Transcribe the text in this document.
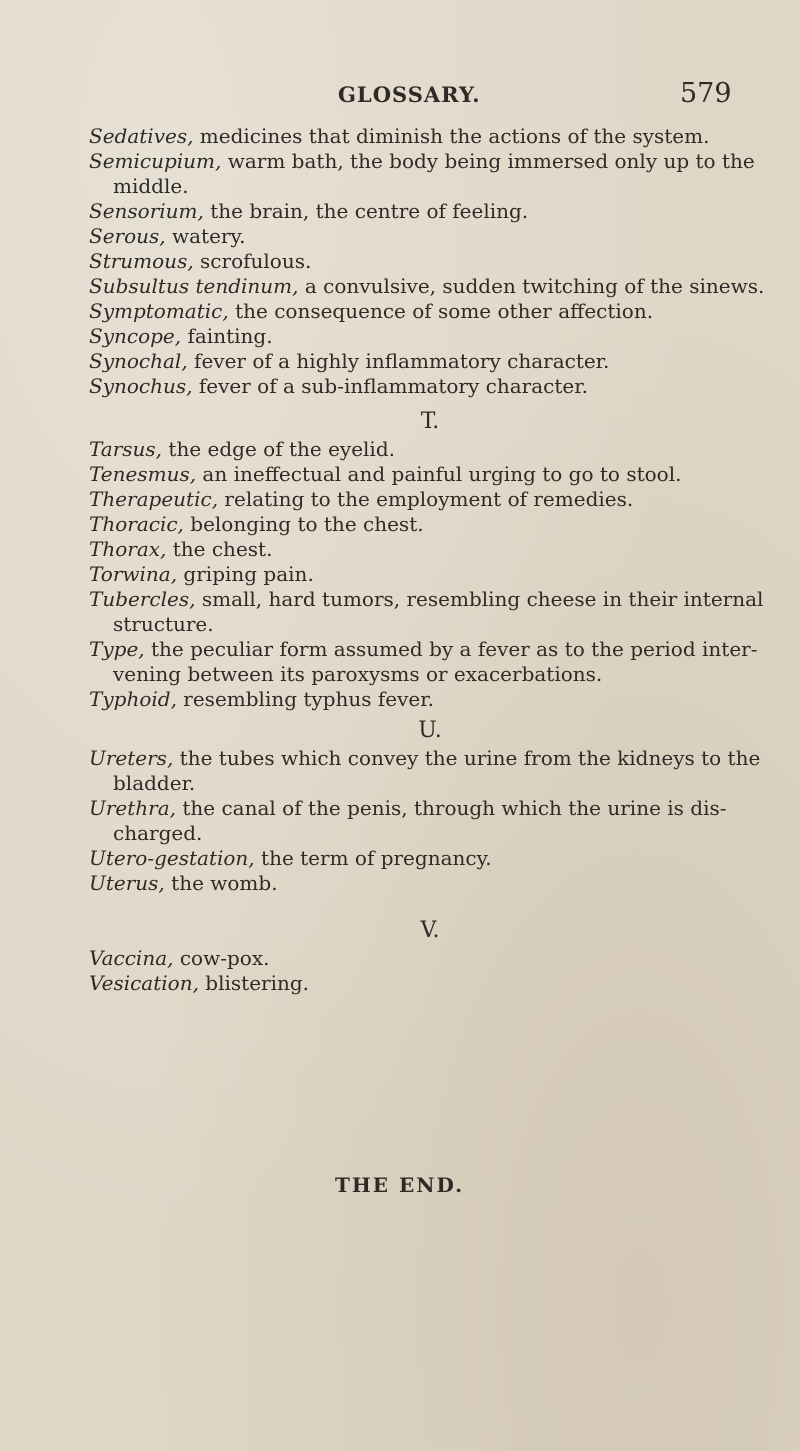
GLOSSARY.	579

Sedatives, medicines that diminish the actions of the system.

Semicupium, warm bath, the body being immersed only up to the middle.

Sensorium, the brain, the centre of feeling.

Serous, watery.

Strumous, scrofulous.

Subsultus tendinum, a convulsive, sudden twitching of the sinews.

Symptomatic, the consequence of some other affection.

Syncope, fainting.

Synochal, fever of a highly inflammatory character.

Synochus, fever of a sub-inflammatory character.

T.

Tarsus, the edge of the eyelid.

Tenesmus, an ineffectual and painful urging to go to stool.

Therapeutic, relating to the employment of remedies.

Thoracic, belonging to the chest.

Thorax, the chest.

Torwina, griping pain.

Tubercles, small, hard tumors, resembling cheese in their internal structure.

Type, the peculiar form assumed by a fever as to the period inter-vening between its paroxysms or exacerbations.

Typhoid, resembling typhus fever.

U.

Ureters, the tubes which convey the urine from the kidneys to the bladder.

Urethra, the canal of the penis, through which the urine is dis-charged.

Utero-gestation, the term of pregnancy.

Uterus, the womb.

V.

Vaccina, cow-pox.

Vesication, blistering.

THE END.
